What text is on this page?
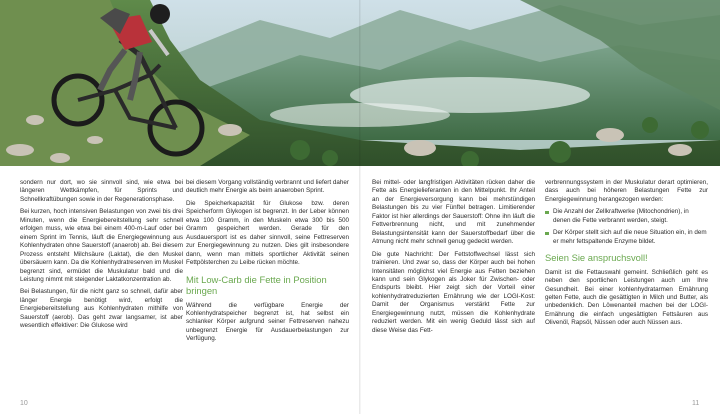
sondern nur dort, wo sie sinnvoll sind, wie etwa bei längeren Wettkämpfen, für Sprints und Schnellkraftübungen sowie in der Regenerationsphase.

Bei kurzen, hoch intensiven Belastungen von zwei bis drei Minuten, wenn die Energiebereitstellung sehr schnell erfolgen muss, wie etwa bei einem 400-m-Lauf oder bei einem Sprint im Tennis, läuft die Energiegewinnung aus Kohlenhydraten ohne Sauerstoff (anaerob) ab. Bei diesem Prozess entsteht Milchsäure (Laktat), die den Muskel übersäuern kann. Da die Kohlenhydratreserven im Muskel begrenzt sind, ermüdet die Muskulatur bald und die Leistung nimmt mit steigender Laktatkonzentration ab.

Bei Belastungen, für die nicht ganz so schnell, dafür aber länger Energie benötigt wird, erfolgt die Energiebereitstellung aus Kohlenhydraten mithilfe von Sauerstoff (aerob). Das geht zwar langsamer, ist aber wesentlich effektiver: Die Glukose wird

bei diesem Vorgang vollständig verbrannt und liefert daher deutlich mehr Energie als beim anaeroben Sprint.

Die Speicherkapazität für Glukose bzw. deren Speicherform Glykogen ist begrenzt. In der Leber können etwa 100 Gramm, in den Muskeln etwa 300 bis 500 Gramm gespeichert werden. Gerade für den Ausdauersport ist es daher sinnvoll, seine Fettreserven zur Energiegewinnung zu nutzen. Dies gilt insbesondere dann, wenn man mittels sportlicher Aktivität seinen Fettpölsterchen zu Leibe rücken möchte.

Mit Low-Carb die Fette in Position bringen

Während die verfügbare Energie der Kohlenhydratspeicher begrenzt ist, hat selbst ein schlanker Körper aufgrund seiner Fettreserven nahezu unbegrenzt Energie für Ausdauerbelastungen zur Verfügung.

Bei mittel- oder langfristigen Aktivitäten rücken daher die Fette als Energielieferanten in den Mittelpunkt. Ihr Anteil an der Energieversorgung kann bei mehrstündigen Belastungen bis zu vier Fünftel betragen. Limitierender Faktor ist hier allerdings der Sauerstoff: Ohne ihn läuft die Fettverbrennung nicht, und mit zunehmender Belastungsintensität kann der Sauerstoffbedarf über die Atmung nicht mehr schnell genug gedeckt werden.

Die gute Nachricht: Der Fettstoffwechsel lässt sich trainieren. Und zwar so, dass der Körper auch bei hohen Intensitäten möglichst viel Energie aus Fetten beziehen kann und sein Glykogen als Joker für Zwischen- oder Endspurts bleibt. Hier zeigt sich der Vorteil einer kohlenhydratreduzierten Ernährung wie der LOGI-Kost: Damit der Organismus verstärkt Fette zur Energiegewinnung nutzt, müssen die Kohlenhydrate reduziert werden. Mit ein wenig Geduld lässt sich auf diese Weise das Fett-

verbrennungssystem in der Muskulatur derart optimieren, dass auch bei höheren Belastungen Fette zur Energiegewinnung herangezogen werden:

Die Anzahl der Zellkraftwerke (Mitochondrien), in denen die Fette verbrannt werden, steigt.
Der Körper stellt sich auf die neue Situation ein, in dem er mehr fettspaltende Enzyme bildet.
Seien Sie anspruchsvoll!

Damit ist die Fettauswahl gemeint. Schließlich geht es neben den sportlichen Leistungen auch um Ihre Gesundheit. Bei einer kohlenhydratarmen Ernährung gelten Fette, auch die gesättigten in Milch und Butter, als unbedenklich. Den Löwenanteil machen bei der LOGI-Ernährung die einfach ungesättigten Fettsäuren aus Olivenöl, Rapsöl, Nüssen oder auch Nüssen aus.

10	11
